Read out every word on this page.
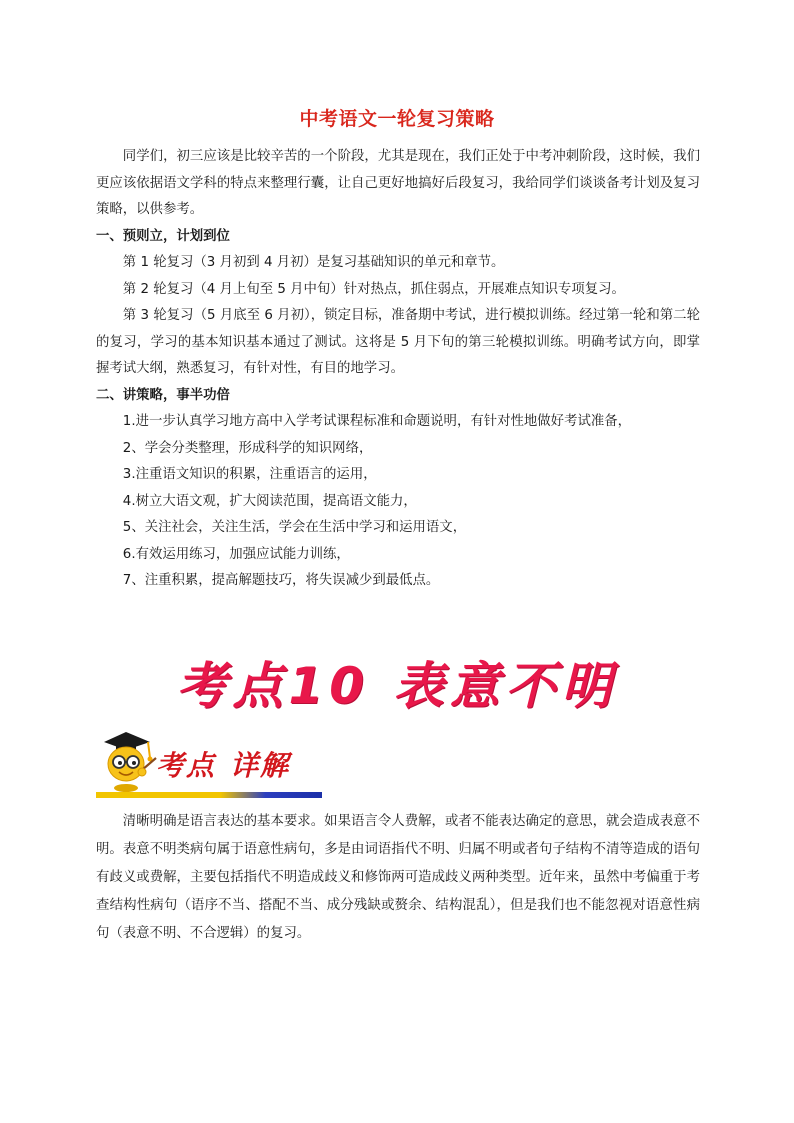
中考语文一轮复习策略

同学们，初三应该是比较辛苦的一个阶段，尤其是现在，我们正处于中考冲刺阶段，这时候，我们更应该依据语文学科的特点来整理行囊，让自己更好地搞好后段复习，我给同学们谈谈备考计划及复习策略，以供参考。

一、预则立，计划到位

第 1 轮复习（3 月初到 4 月初）是复习基础知识的单元和章节。

第 2 轮复习（4 月上旬至 5 月中旬）针对热点，抓住弱点，开展难点知识专项复习。

第 3 轮复习（5 月底至 6 月初），锁定目标，准备期中考试，进行模拟训练。经过第一轮和第二轮的复习，学习的基本知识基本通过了测试。这将是 5 月下旬的第三轮模拟训练。明确考试方向，即掌握考试大纲，熟悉复习，有针对性，有目的地学习。

二、讲策略，事半功倍

1.进一步认真学习地方高中入学考试课程标准和命题说明，有针对性地做好考试准备，

2、学会分类整理，形成科学的知识网络，

3.注重语文知识的积累，注重语言的运用，

4.树立大语文观，扩大阅读范围，提高语文能力，

5、关注社会，关注生活，学会在生活中学习和运用语文，

6.有效运用练习，加强应试能力训练，

7、注重积累，提高解题技巧，将失误减少到最低点。

考点10 表意不明
考点 详解

清晰明确是语言表达的基本要求。如果语言令人费解，或者不能表达确定的意思，就会造成表意不明。表意不明类病句属于语意性病句，多是由词语指代不明、归属不明或者句子结构不清等造成的语句有歧义或费解，主要包括指代不明造成歧义和修饰两可造成歧义两种类型。近年来，虽然中考偏重于考查结构性病句（语序不当、搭配不当、成分残缺或赘余、结构混乱），但是我们也不能忽视对语意性病句（表意不明、不合逻辑）的复习。
